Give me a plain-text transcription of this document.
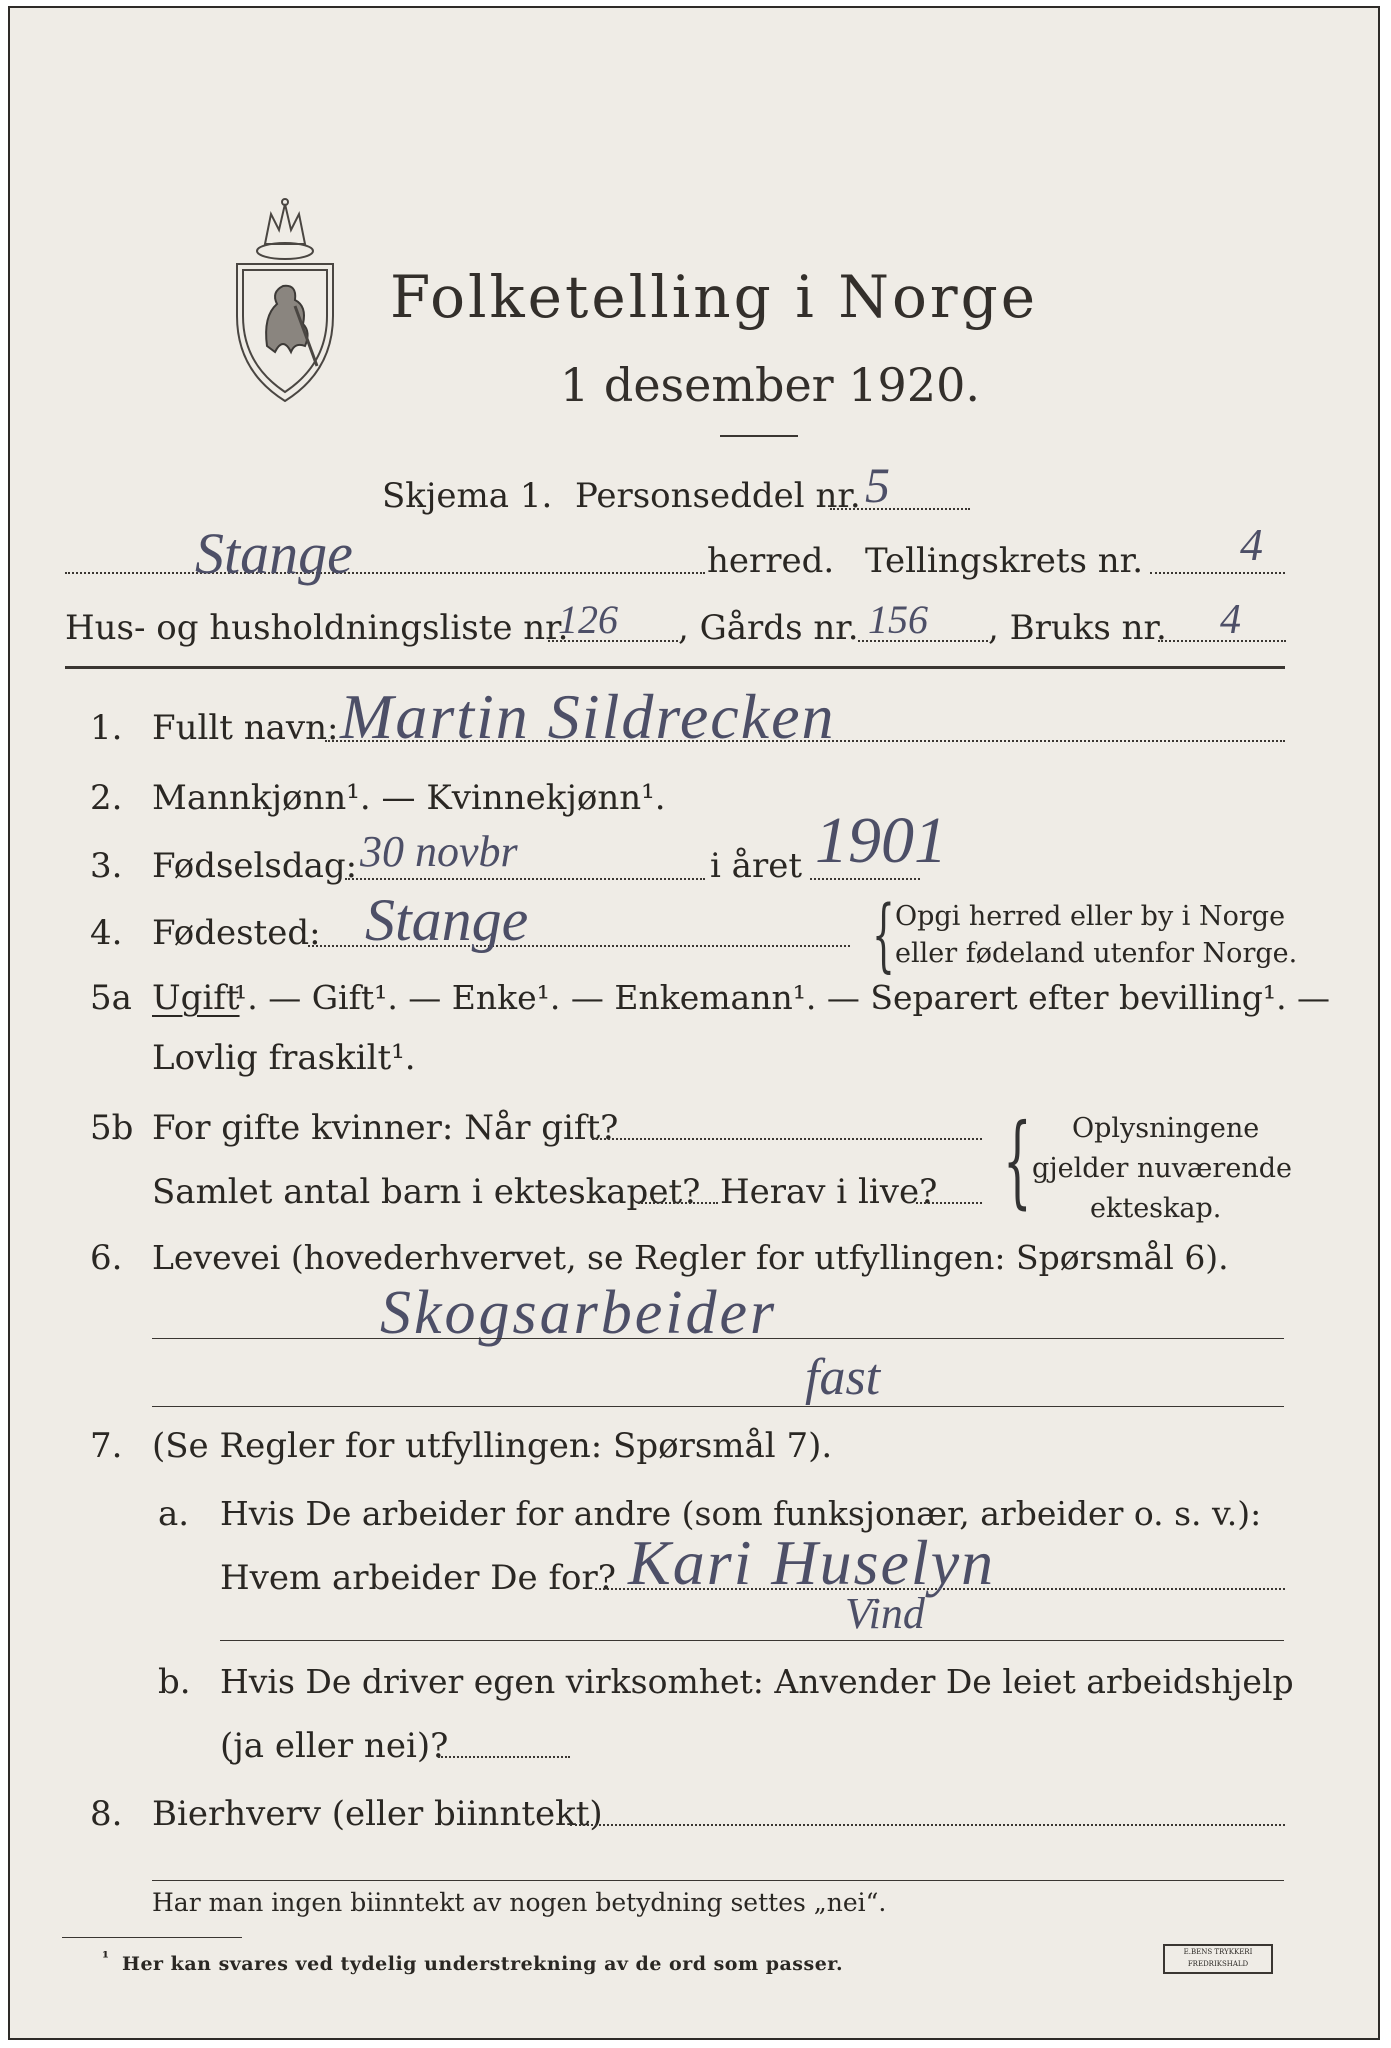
Folketelling i Norge
1 desember 1920.
Skjema 1. Personseddel nr. 5
Stange	herred. Tellingskrets nr. 4
Hus- og husholdningsliste nr.
126 , Gårds nr. 156 , Bruks nr. 4
1. Fullt navn: Martin Sildrecken
2. Mannkjønn¹. — Kvinnekjønn¹.
3. Fødselsdag: 30 novbr	i året 1901
4. Fødested: Stange	{ Opgi herred eller by i Norge
eller fødeland utenfor Norge.
5a Ugift
¹. — Gift¹. — Enke¹. — Enkemann¹. — Separert efter bevilling¹. —
Lovlig fraskilt¹.
5b For gifte kvinner: Når gift?
Samlet antal barn i ekteskapet? Herav i live? { Oplysningene
gjelder nuværende
ekteskap.
6. Levevei (hovederhvervet, se Regler for utfyllingen: Spørsmål 6).
Skogsarbeider
fast
7. (Se Regler for utfyllingen: Spørsmål 7).
a. Hvis De arbeider for andre (som funksjonær, arbeider o. s. v.):
Hvem arbeider De for? Kari Huselyn
Vind
b. Hvis De driver egen virksomhet: Anvender De leiet arbeidshjelp
(ja eller nei)?
8. Bierhverv (eller biinntekt)
Har man ingen biinntekt av nogen betydning settes „nei“.
¹ Her kan svares ved tydelig understrekning av de ord som passer.
E.BENS TRYKKERI
FREDRIKSHALD
